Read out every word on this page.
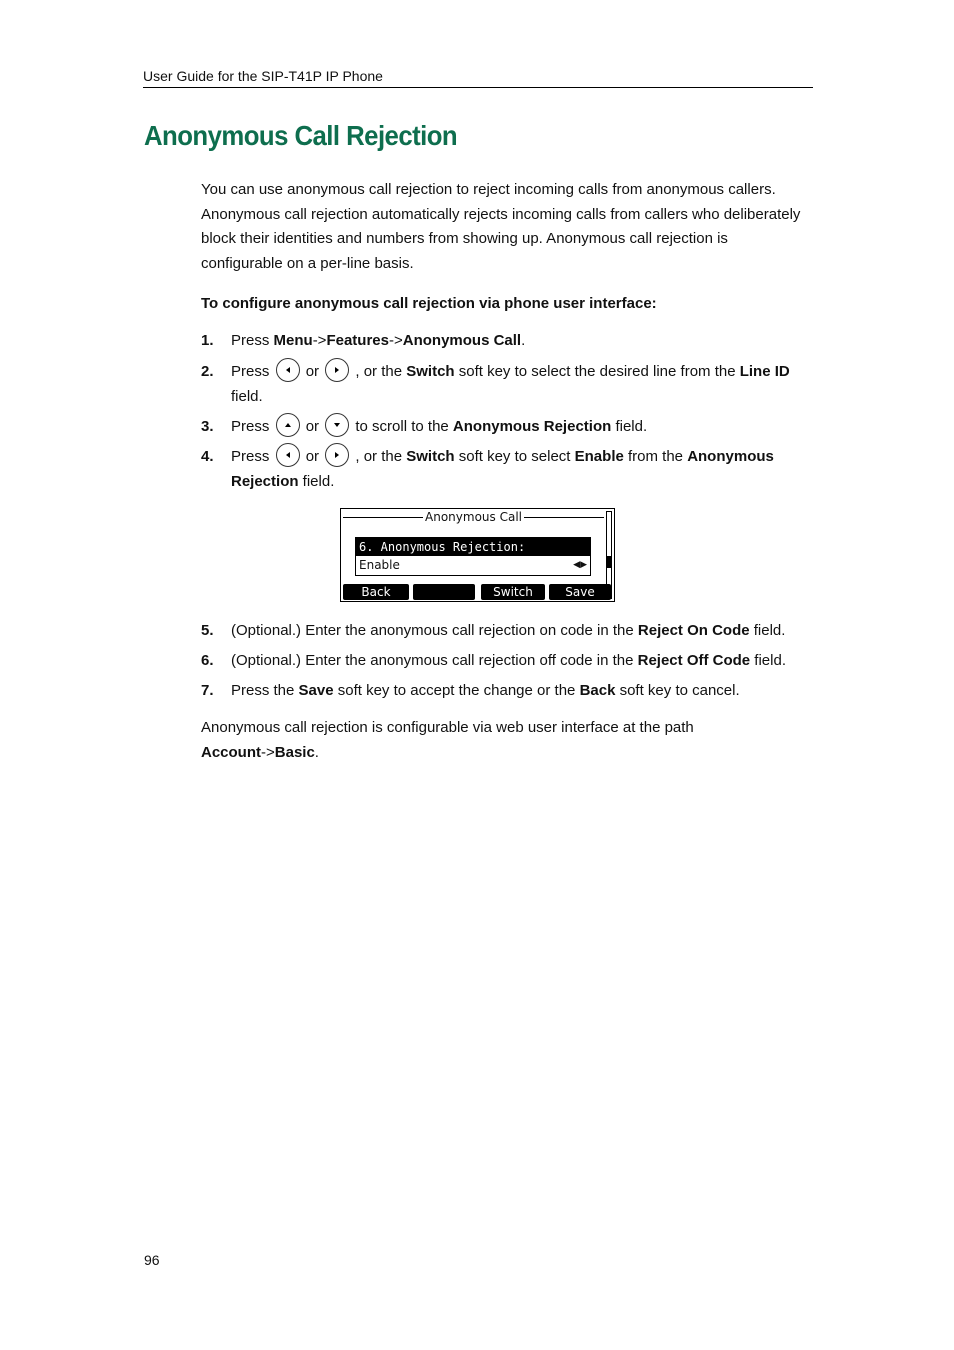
User Guide for the SIP-T41P IP Phone
Anonymous Call Rejection

You can use anonymous call rejection to reject incoming calls from anonymous callers. Anonymous call rejection automatically rejects incoming calls from callers who deliberately block their identities and numbers from showing up. Anonymous call rejection is configurable on a per-line basis.

To configure anonymous call rejection via phone user interface:

1. Press Menu->Features->Anonymous Call.
2. Press or , or the Switch soft key to select the desired line from the Line ID field.
3. Press or
to scroll to the Anonymous Rejection field.
4. Press or , or the Switch soft key to select Enable from the Anonymous Rejection field.
5. (Optional.) Enter the anonymous call rejection on code in the Reject On Code field.
6. (Optional.) Enter the anonymous call rejection off code in the Reject Off Code field.
7. Press the Save soft key to accept the change or the Back soft key to cancel.
Anonymous Call
6. Anonymous Rejection:
Enable	◀▶
Back	Switch	Save

Anonymous call rejection is configurable via web user interface at the path
Account->Basic.

96
